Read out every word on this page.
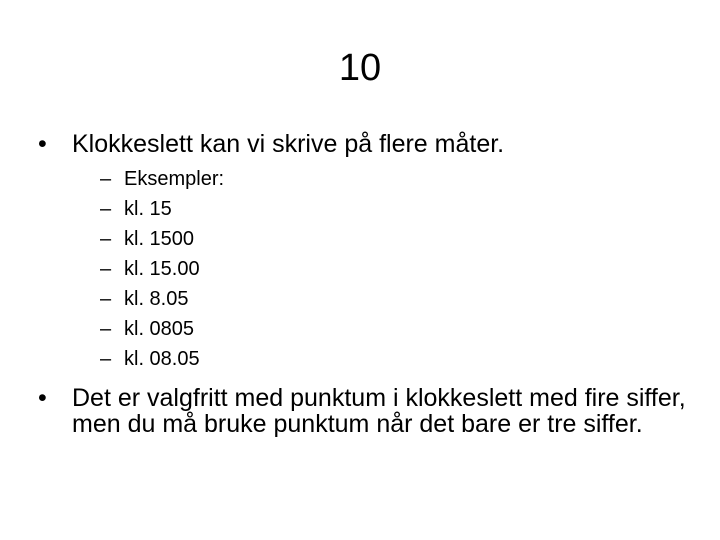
10
•	Klokkeslett kan vi skrive på flere måter.
– Eksempler:
– kl. 15
– kl. 1500
– kl. 15.00
– kl. 8.05
– kl. 0805
– kl. 08.05
•	Det er valgfritt med punktum i klokkeslett med fire siffer, men du må bruke punktum når det bare er tre siffer.
